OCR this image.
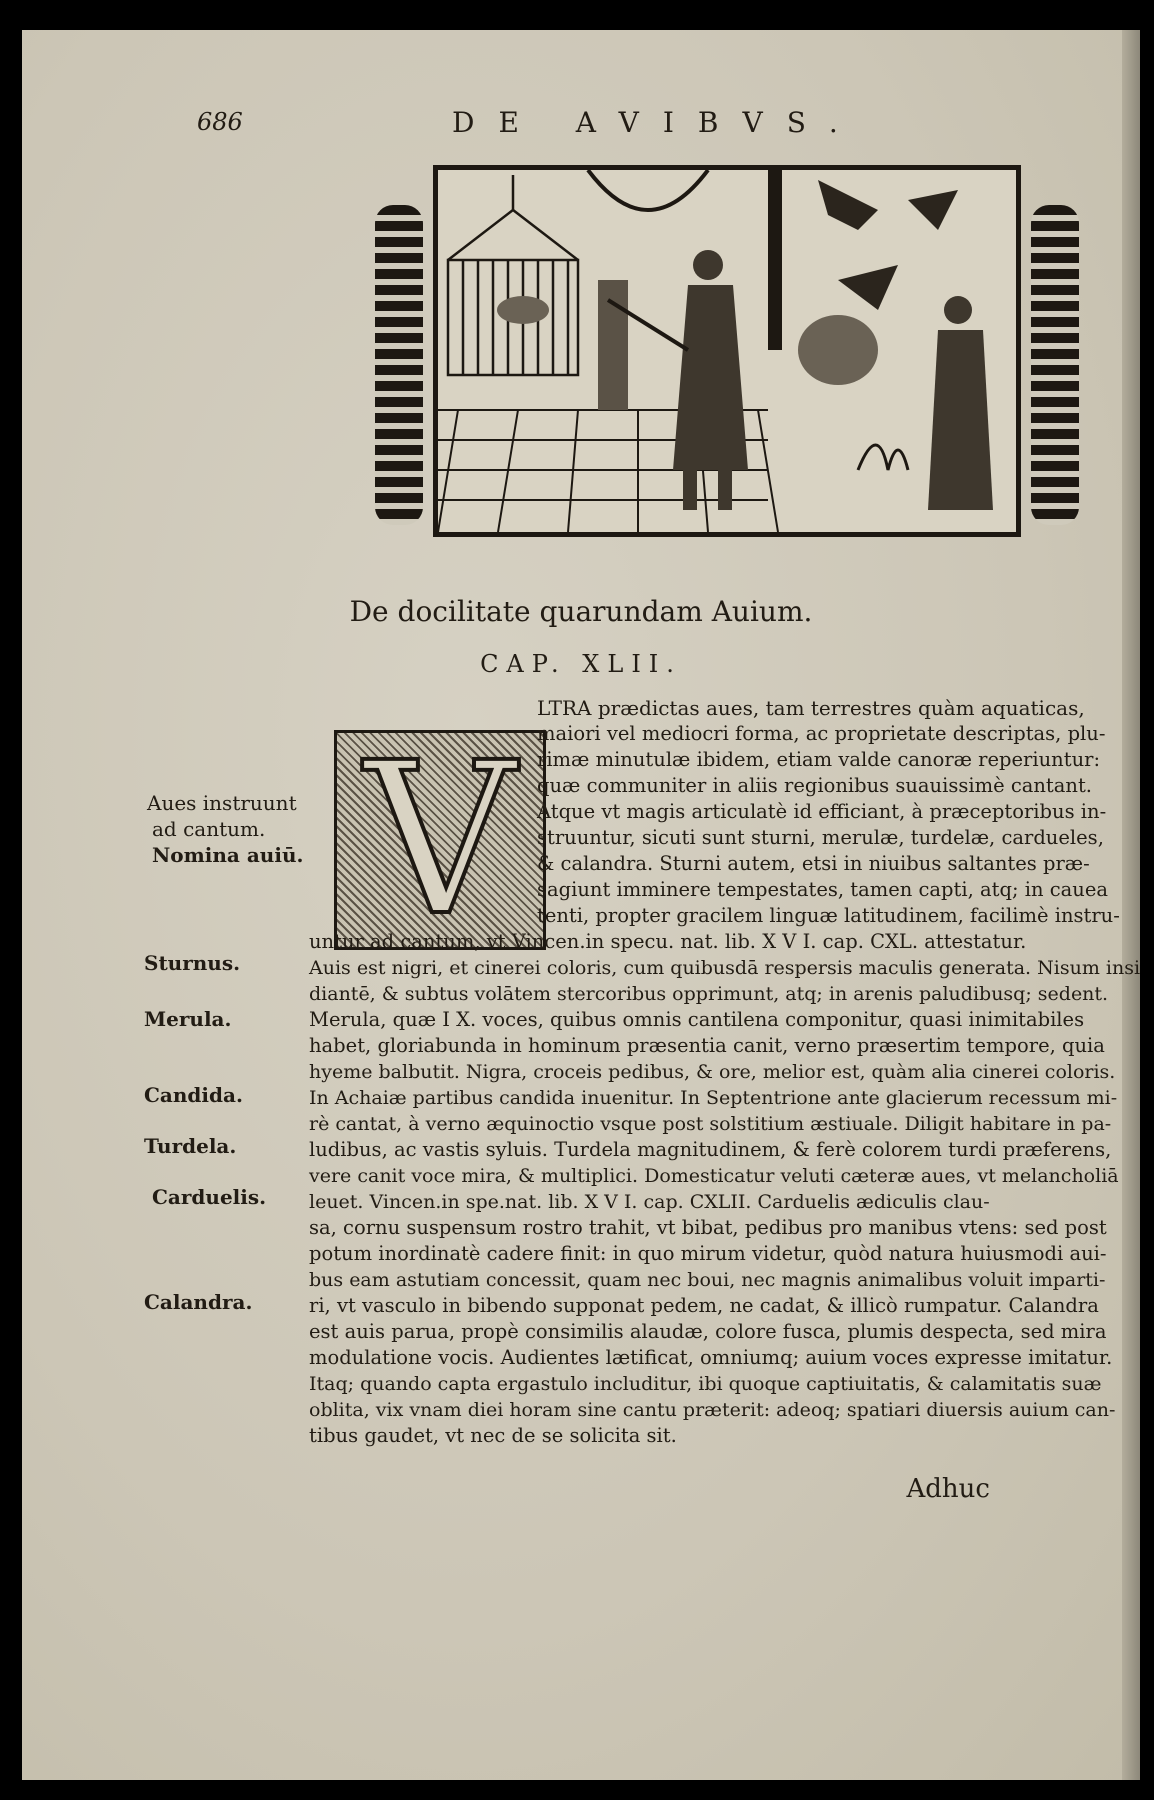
686	DE AVIBVS.
De docilitate quarundam Auium.
CAP. XLII.
V
Aues instruunt
ad cantum.
Nomina auiū.
Sturnus.
Merula.
Candida.
Turdela.
Carduelis.
Calandra.
LTRA prædictas aues, tam terrestres quàm aquaticas,
maiori vel mediocri forma, ac proprietate descriptas, plu-
rimæ minutulæ ibidem, etiam valde canoræ reperiuntur:
quæ communiter in aliis regionibus suauissimè cantant.
Atque vt magis articulatè id efficiant, à præceptoribus in-
struuntur, sicuti sunt sturni, merulæ, turdelæ, cardueles,
& calandra. Sturni autem, etsi in niuibus saltantes præ-
sagiunt imminere tempestates, tamen capti, atq; in cauea
tenti, propter gracilem linguæ latitudinem, facilimè instru-
untur ad cantum, vt Vincen.in specu. nat. lib. X V I. cap. CXL. attestatur.
Auis est nigri, et cinerei coloris, cum quibusdā respersis maculis generata. Nisum insi
diantē, & subtus volātem stercoribus opprimunt, atq; in arenis paludibusq; sedent.
Merula, quæ I X. voces, quibus omnis cantilena componitur, quasi inimitabiles
habet, gloriabunda in hominum præsentia canit, verno præsertim tempore, quia
hyeme balbutit. Nigra, croceis pedibus, & ore, melior est, quàm alia cinerei coloris.
In Achaiæ partibus candida inuenitur. In Septentrione ante glacierum recessum mi-
rè cantat, à verno æquinoctio vsque post solstitium æstiuale. Diligit habitare in pa-
ludibus, ac vastis syluis. Turdela magnitudinem, & ferè colorem turdi præferens,
vere canit voce mira, & multiplici. Domesticatur veluti cæteræ aues, vt melancholiā
leuet. Vincen.in spe.nat. lib. X V I. cap. CXLII. Carduelis ædiculis clau-
sa, cornu suspensum rostro trahit, vt bibat, pedibus pro manibus vtens: sed post
potum inordinatè cadere finit: in quo mirum videtur, quòd natura huiusmodi aui-
bus eam astutiam concessit, quam nec boui, nec magnis animalibus voluit imparti-
ri, vt vasculo in bibendo supponat pedem, ne cadat, & illicò rumpatur. Calandra
est auis parua, propè consimilis alaudæ, colore fusca, plumis despecta, sed mira
modulatione vocis. Audientes lætificat, omniumq; auium voces expresse imitatur.
Itaq; quando capta ergastulo includitur, ibi quoque captiuitatis, & calamitatis suæ
oblita, vix vnam diei horam sine cantu præterit: adeoq; spatiari diuersis auium can-
tibus gaudet, vt nec de se solicita sit.
Adhuc
